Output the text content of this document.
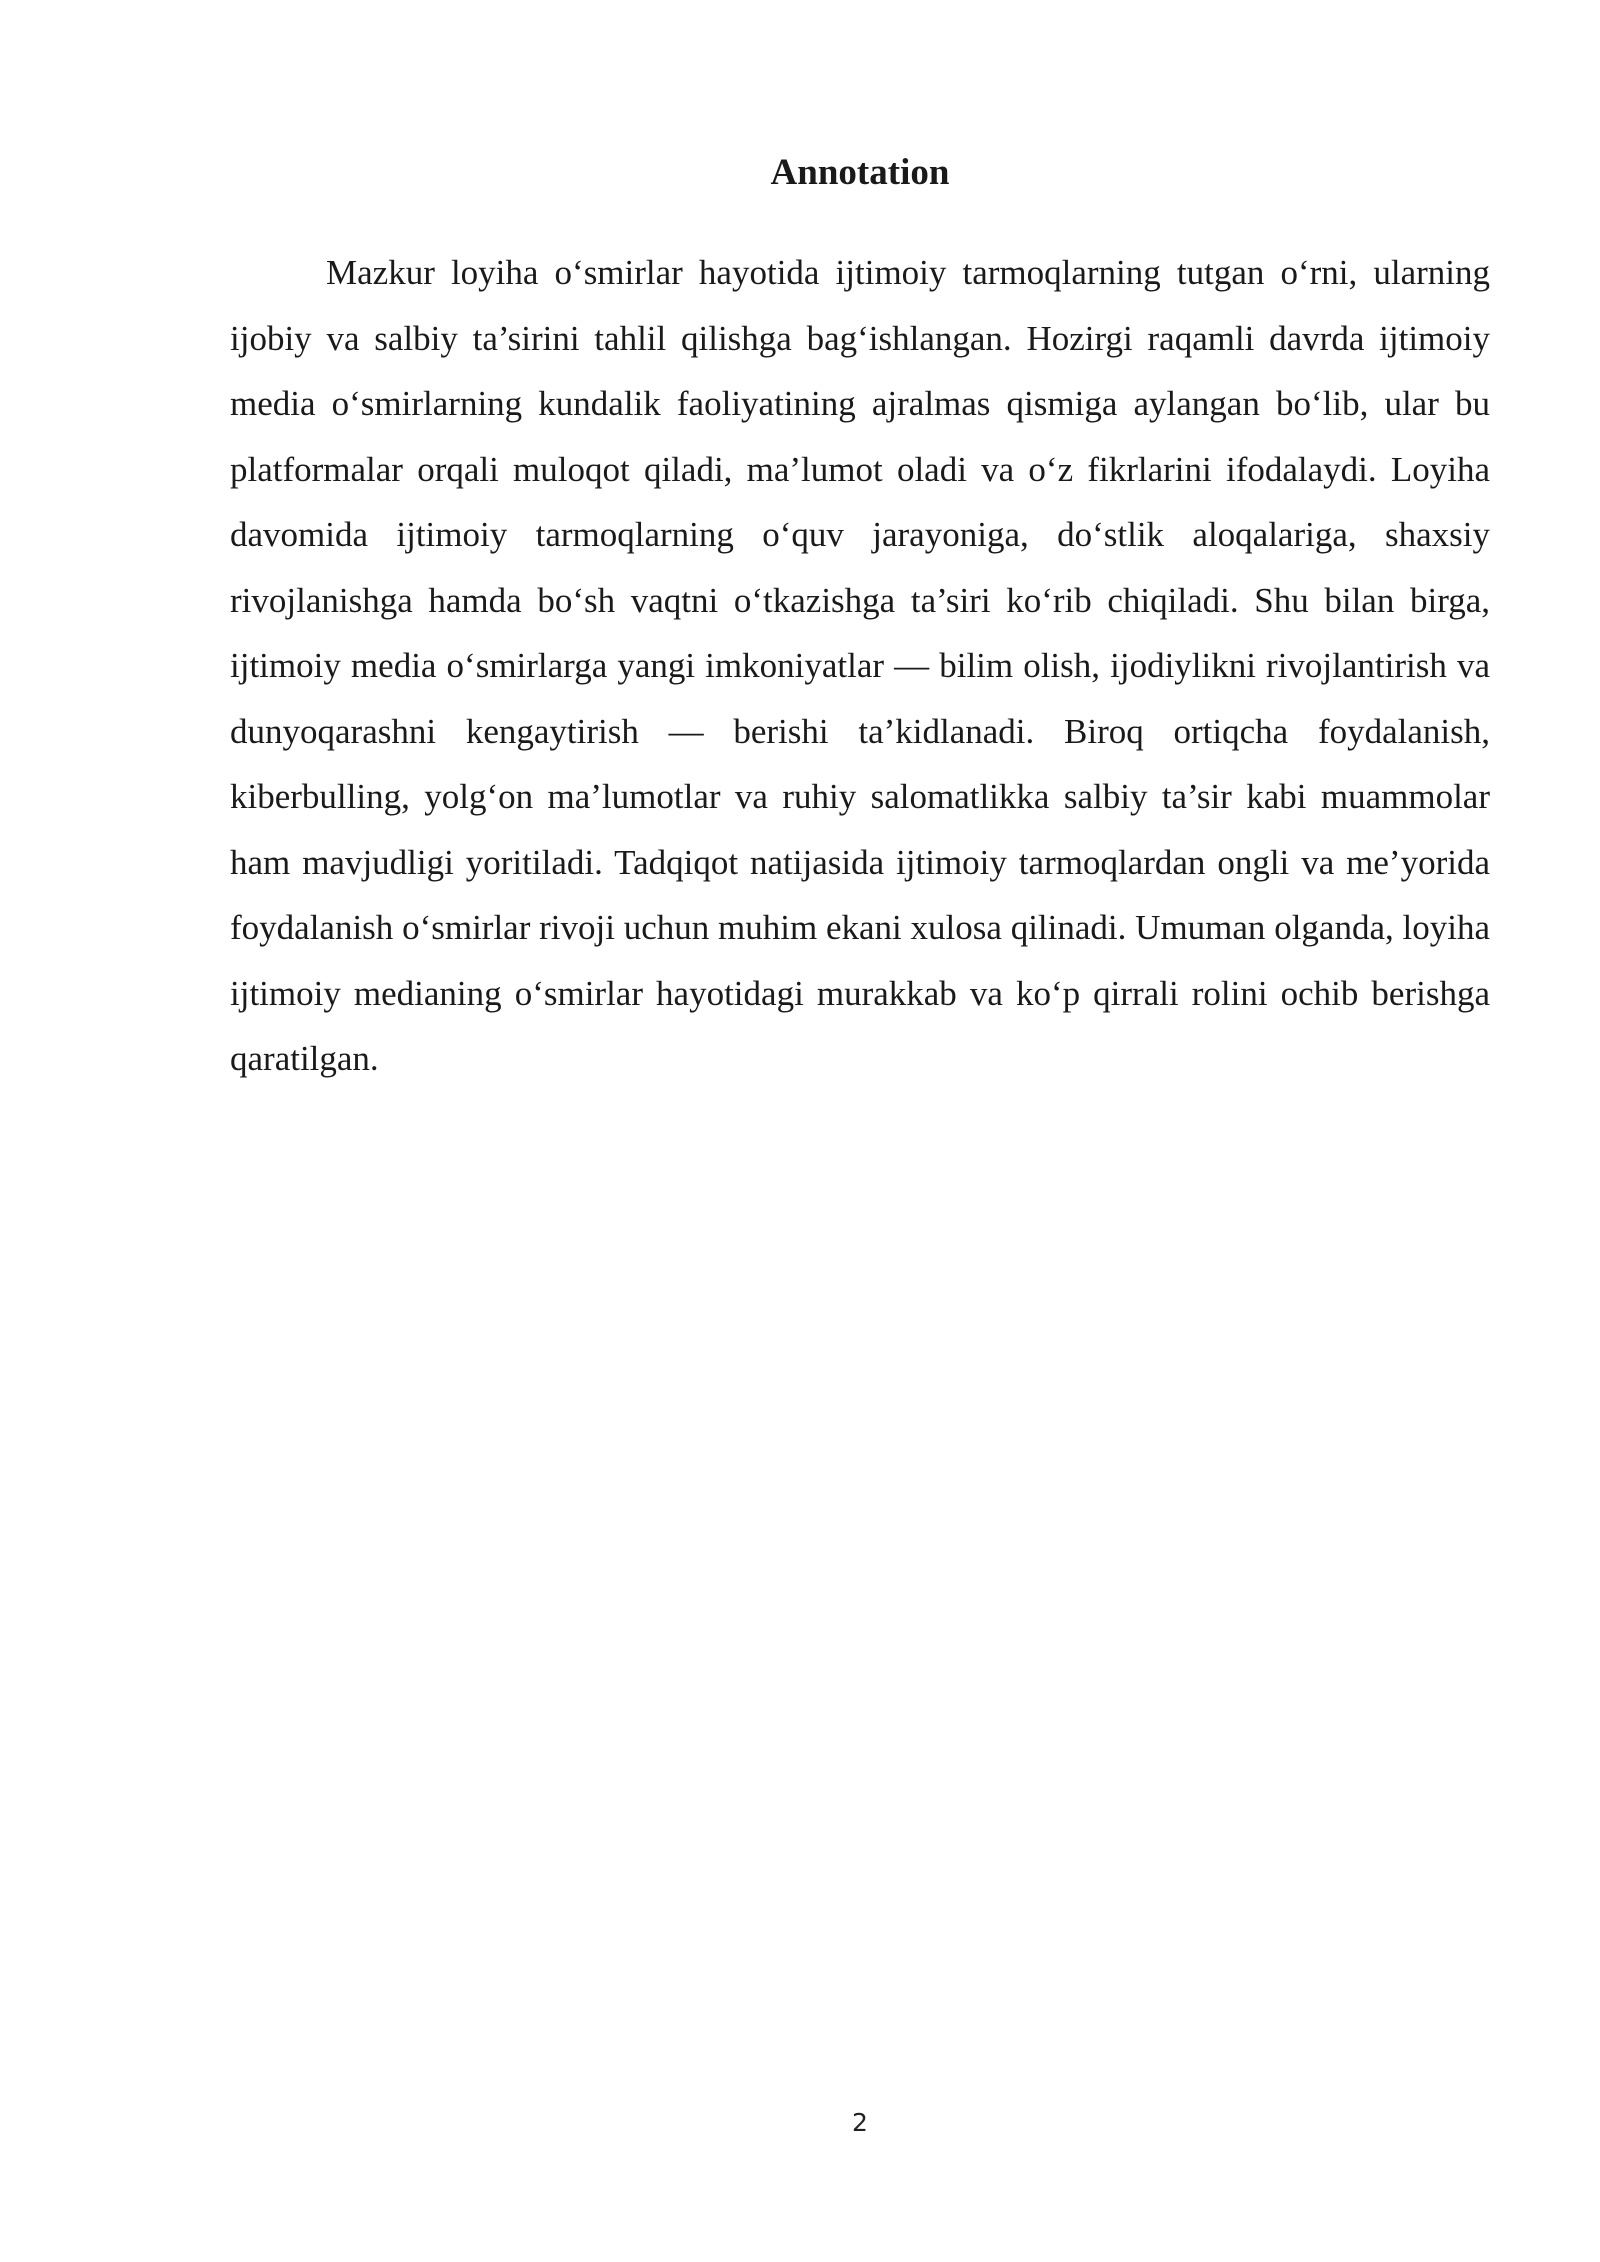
Annotation

Mazkur loyiha o‘smirlar hayotida ijtimoiy tarmoqlarning tutgan o‘rni, ularning ijobiy va salbiy ta’sirini tahlil qilishga bag‘ishlangan. Hozirgi raqamli davrda ijtimoiy media o‘smirlarning kundalik faoliyatining ajralmas qismiga aylangan bo‘lib, ular bu platformalar orqali muloqot qiladi, ma’lumot oladi va o‘z fikrlarini ifodalaydi. Loyiha davomida ijtimoiy tarmoqlarning o‘quv jarayoniga, do‘stlik aloqalariga, shaxsiy rivojlanishga hamda bo‘sh vaqtni o‘tkazishga ta’siri ko‘rib chiqiladi. Shu bilan birga, ijtimoiy media o‘smirlarga yangi imkoniyatlar — bilim olish, ijodiylikni rivojlantirish va dunyoqarashni kengaytirish — berishi ta’kidlanadi. Biroq ortiqcha foydalanish, kiberbulling, yolg‘on ma’lumotlar va ruhiy salomatlikka salbiy ta’sir kabi muammolar ham mavjudligi yoritiladi. Tadqiqot natijasida ijtimoiy tarmoqlardan ongli va me’yorida foydalanish o‘smirlar rivoji uchun muhim ekani xulosa qilinadi. Umuman olganda, loyiha ijtimoiy medianing o‘smirlar hayotidagi murakkab va ko‘p qirrali rolini ochib berishga qaratilgan.

2
